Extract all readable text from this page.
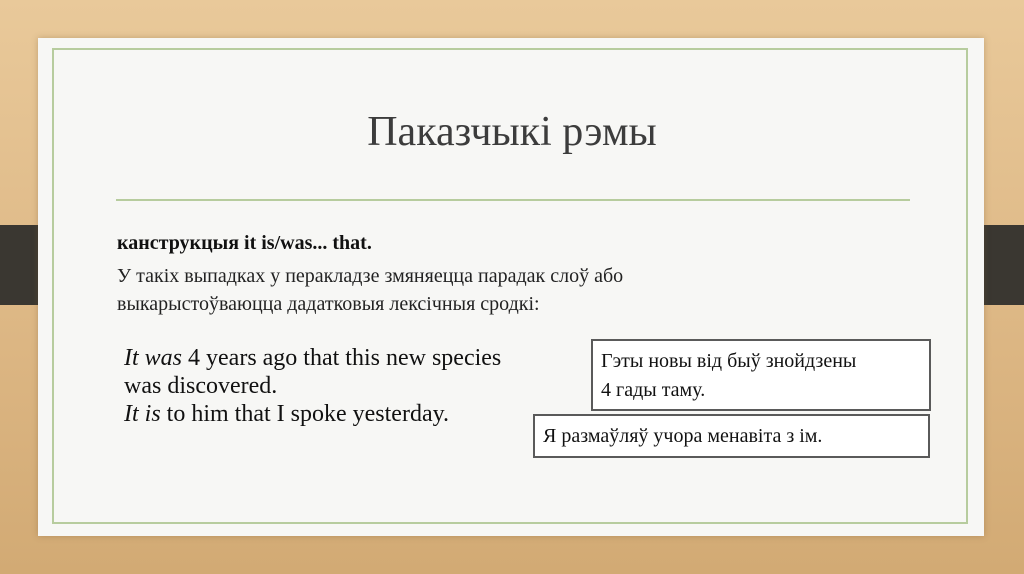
Паказчыкі рэмы
канструкцыя it is/was... that.
У такіх выпадках у перакладзе змяняецца парадак слоў або
выкарыстоўваюцца дадатковыя лексічныя сродкі:
It was 4 years ago that this new species
was discovered.
It is to him that I spoke yesterday.
Гэты новы від быў знойдзены
4 гады таму.
Я размаўляў учора менавіта з ім.
